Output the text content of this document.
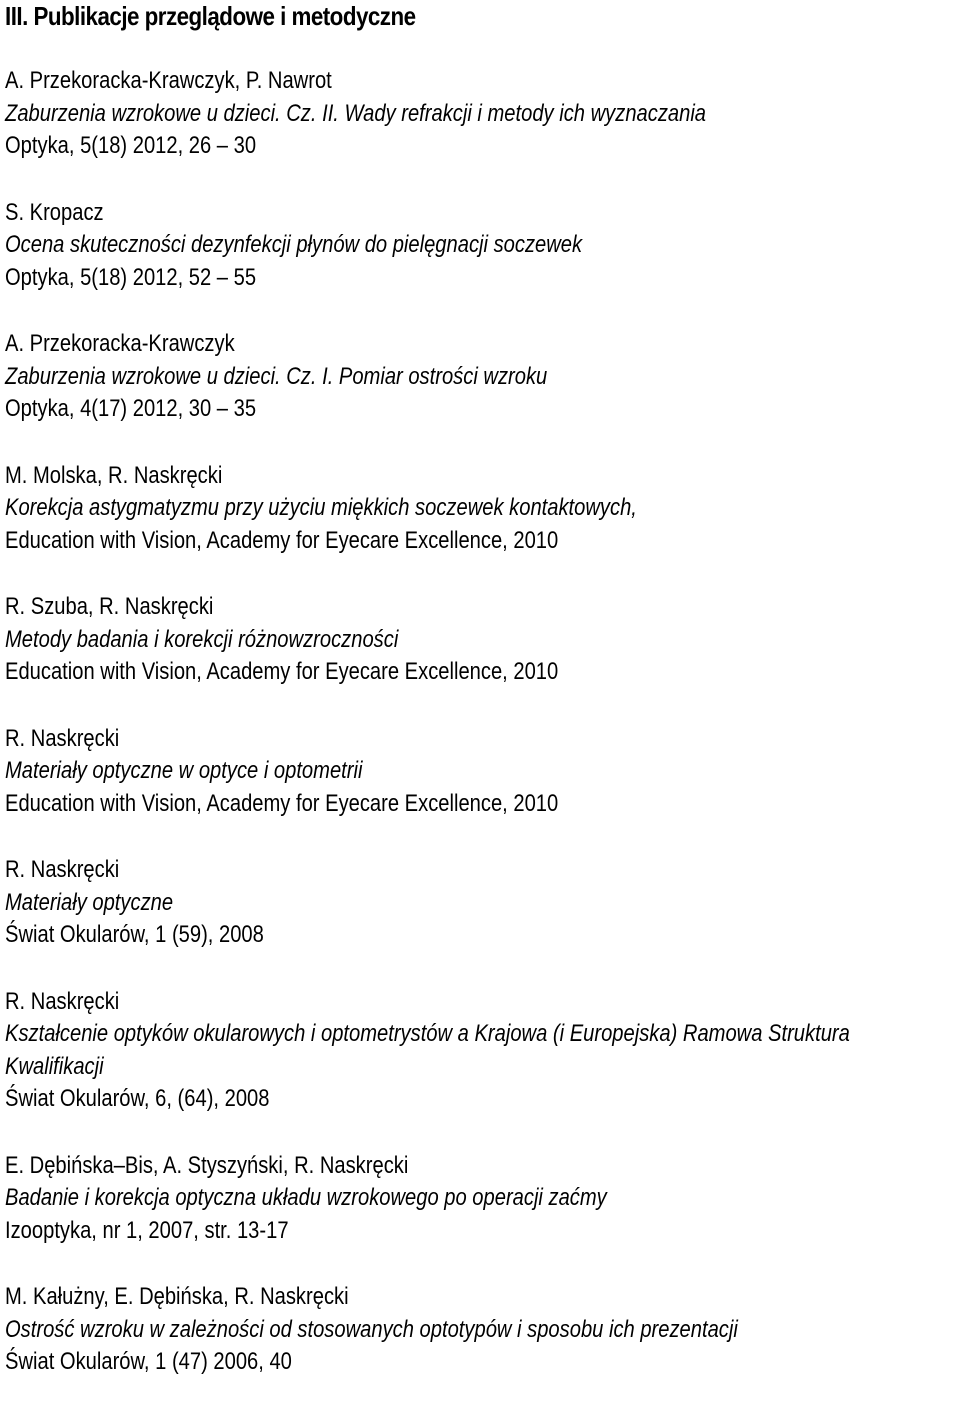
III. Publikacje przeglądowe i metodyczne
A. Przekoracka-Krawczyk, P. Nawrot
Zaburzenia wzrokowe u dzieci. Cz. II. Wady refrakcji i metody ich wyznaczania
Optyka, 5(18) 2012, 26 – 30
S. Kropacz
Ocena skuteczności dezynfekcji płynów do pielęgnacji soczewek
Optyka, 5(18) 2012, 52 – 55
A. Przekoracka-Krawczyk
Zaburzenia wzrokowe u dzieci. Cz. I. Pomiar ostrości wzroku
Optyka, 4(17) 2012, 30 – 35
M. Molska, R. Naskręcki
Korekcja astygmatyzmu przy użyciu miękkich soczewek kontaktowych,
Education with Vision, Academy for Eyecare Excellence, 2010
R. Szuba, R. Naskręcki
Metody badania i korekcji różnowzroczności
Education with Vision, Academy for Eyecare Excellence, 2010
R. Naskręcki
Materiały optyczne w optyce i optometrii
Education with Vision, Academy for Eyecare Excellence, 2010
R. Naskręcki
Materiały optyczne
Świat Okularów, 1 (59), 2008
R. Naskręcki
Kształcenie optyków okularowych i optometrystów a Krajowa (i Europejska) Ramowa Struktura
Kwalifikacji
Świat Okularów, 6, (64), 2008
E. Dębińska–Bis, A. Styszyński, R. Naskręcki
Badanie i korekcja optyczna układu wzrokowego po operacji zaćmy
Izooptyka, nr 1, 2007, str. 13-17
M. Kałużny, E. Dębińska, R. Naskręcki
Ostrość wzroku w zależności od stosowanych optotypów i sposobu ich prezentacji
Świat Okularów, 1 (47) 2006, 40
